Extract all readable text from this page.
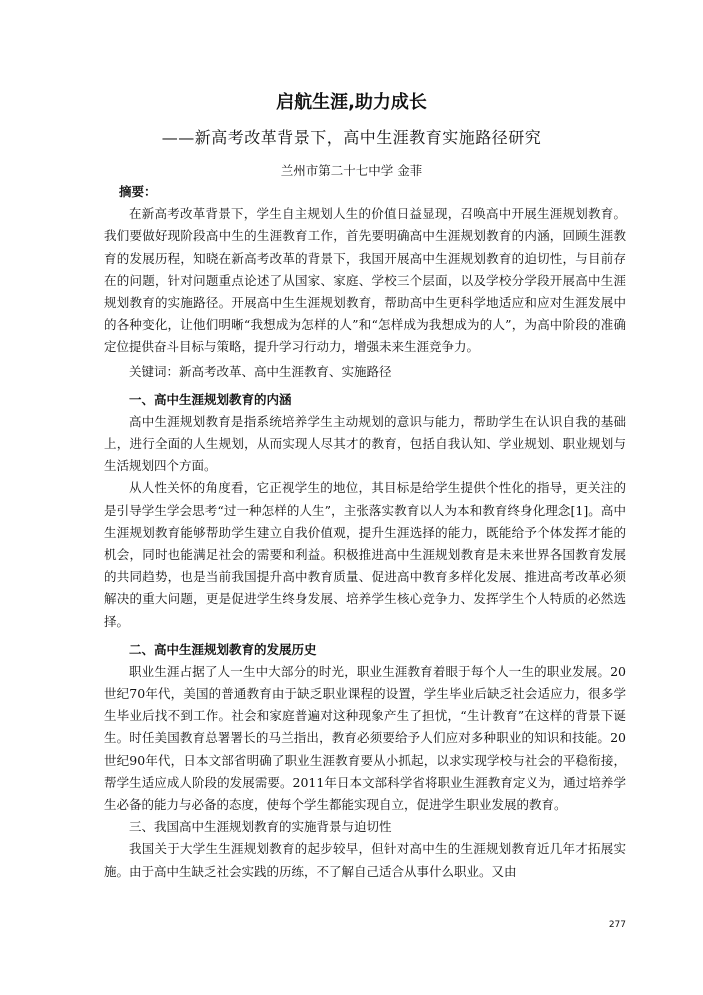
启航生涯,助力成长
——新高考改革背景下，高中生涯教育实施路径研究
兰州市第二十七中学 金菲

摘要：

在新高考改革背景下，学生自主规划人生的价值日益显现，召唤高中开展生涯规划教育。我们要做好现阶段高中生的生涯教育工作，首先要明确高中生涯规划教育的内涵，回顾生涯教育的发展历程，知晓在新高考改革的背景下，我国开展高中生涯规划教育的迫切性，与目前存在的问题，针对问题重点论述了从国家、家庭、学校三个层面，以及学校分学段开展高中生涯规划教育的实施路径。开展高中生生涯规划教育，帮助高中生更科学地适应和应对生涯发展中的各种变化，让他们明晰“我想成为怎样的人”和“怎样成为我想成为的人”，为高中阶段的准确定位提供奋斗目标与策略，提升学习行动力，增强未来生涯竞争力。

关键词：新高考改革、高中生涯教育、实施路径

一、高中生涯规划教育的内涵

高中生涯规划教育是指系统培养学生主动规划的意识与能力，帮助学生在认识自我的基础上，进行全面的人生规划，从而实现人尽其才的教育，包括自我认知、学业规划、职业规划与生活规划四个方面。

从人性关怀的角度看，它正视学生的地位，其目标是给学生提供个性化的指导，更关注的是引导学生学会思考“过一种怎样的人生”，主张落实教育以人为本和教育终身化理念[1]。高中生涯规划教育能够帮助学生建立自我价值观，提升生涯选择的能力，既能给予个体发挥才能的机会，同时也能满足社会的需要和利益。积极推进高中生涯规划教育是未来世界各国教育发展的共同趋势，也是当前我国提升高中教育质量、促进高中教育多样化发展、推进高考改革必须解决的重大问题，更是促进学生终身发展、培养学生核心竞争力、发挥学生个人特质的必然选择。

二、高中生涯规划教育的发展历史

职业生涯占据了人一生中大部分的时光，职业生涯教育着眼于每个人一生的职业发展。20世纪70年代，美国的普通教育由于缺乏职业课程的设置，学生毕业后缺乏社会适应力，很多学生毕业后找不到工作。社会和家庭普遍对这种现象产生了担忧，“生计教育”在这样的背景下诞生。时任美国教育总署署长的马兰指出，教育必须要给予人们应对多种职业的知识和技能。20世纪90年代，日本文部省明确了职业生涯教育要从小抓起，以求实现学校与社会的平稳衔接，帮学生适应成人阶段的发展需要。2011年日本文部科学省将职业生涯教育定义为，通过培养学生必备的能力与必备的态度，使每个学生都能实现自立，促进学生职业发展的教育。

三、我国高中生涯规划教育的实施背景与迫切性

我国关于大学生生涯规划教育的起步较早，但针对高中生的生涯规划教育近几年才拓展实施。由于高中生缺乏社会实践的历练，不了解自己适合从事什么职业。又由

277
